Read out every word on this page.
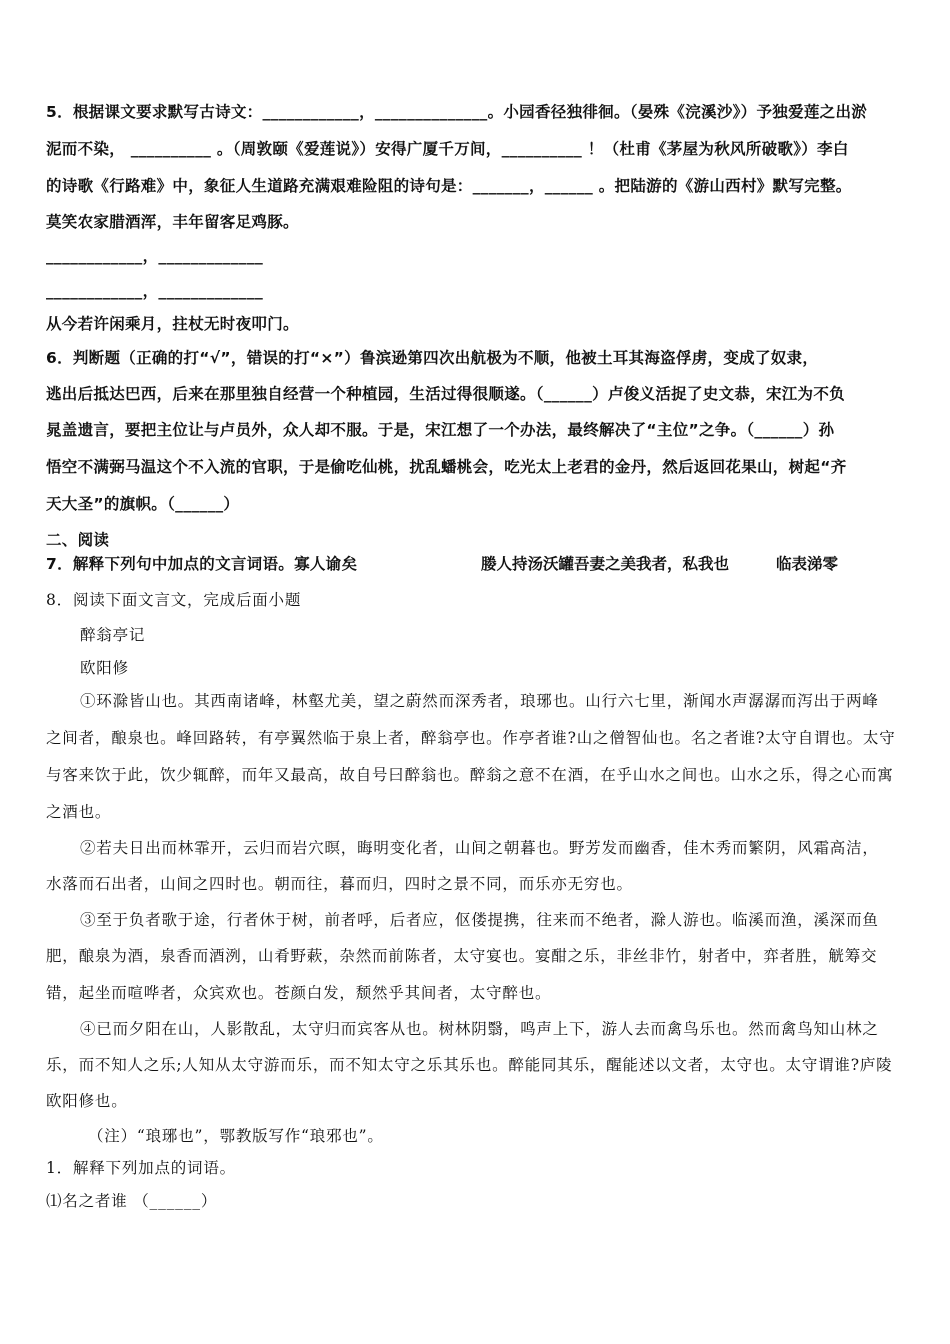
5．根据课文要求默写古诗文：____________，______________。小园香径独徘徊。（晏殊《浣溪沙》）予独爱莲之出淤
泥而不染， __________ 。（周敦颐《爱莲说》）安得广厦千万间，__________ ！（杜甫《茅屋为秋风所破歌》）李白
的诗歌《行路难》中，象征人生道路充满艰难险阻的诗句是：_______，______ 。把陆游的《游山西村》默写完整。
莫笑农家腊酒浑，丰年留客足鸡豚。
____________，_____________
____________，_____________
从今若许闲乘月，拄杖无时夜叩门。
6．判断题（正确的打“√”，错误的打“×”）鲁滨逊第四次出航极为不顺，他被土耳其海盗俘虏，变成了奴隶，
逃出后抵达巴西，后来在那里独自经营一个种植园，生活过得很顺遂。（______）卢俊义活捉了史文恭，宋江为不负
晁盖遗言，要把主位让与卢员外，众人却不服。于是，宋江想了一个办法，最终解决了“主位”之争。（______）孙
悟空不满弼马温这个不入流的官职，于是偷吃仙桃，扰乱蟠桃会，吃光太上老君的金丹，然后返回花果山，树起“齐
天大圣”的旗帜。（______）
二、阅读
7．解释下列句中加点的文言词语。寡人谕矣	媵人持汤沃罐吾妻之美我者，私我也	临表涕零
8．阅读下面文言文，完成后面小题
醉翁亭记
欧阳修
①环滁皆山也。其西南诸峰，林壑尤美，望之蔚然而深秀者，琅琊也。山行六七里，渐闻水声潺潺而泻出于两峰
之间者，酿泉也。峰回路转，有亭翼然临于泉上者，醉翁亭也。作亭者谁?山之僧智仙也。名之者谁?太守自谓也。太守
与客来饮于此，饮少辄醉，而年又最高，故自号曰醉翁也。醉翁之意不在酒，在乎山水之间也。山水之乐，得之心而寓
之酒也。
②若夫日出而林霏开，云归而岩穴暝，晦明变化者，山间之朝暮也。野芳发而幽香，佳木秀而繁阴，风霜高洁，
水落而石出者，山间之四时也。朝而往，暮而归，四时之景不同，而乐亦无穷也。
③至于负者歌于途，行者休于树，前者呼，后者应，伛偻提携，往来而不绝者，滁人游也。临溪而渔，溪深而鱼
肥，酿泉为酒，泉香而酒洌，山肴野蔌，杂然而前陈者，太守宴也。宴酣之乐，非丝非竹，射者中，弈者胜，觥筹交
错，起坐而喧哗者，众宾欢也。苍颜白发，颓然乎其间者，太守醉也。
④已而夕阳在山，人影散乱，太守归而宾客从也。树林阴翳，鸣声上下，游人去而禽鸟乐也。然而禽鸟知山林之
乐，而不知人之乐;人知从太守游而乐，而不知太守之乐其乐也。醉能同其乐，醒能述以文者，太守也。太守谓谁?庐陵
欧阳修也。
（注）“琅琊也”，鄂教版写作“琅邪也”。
1．解释下列加点的词语。
⑴名之者谁 （______）
